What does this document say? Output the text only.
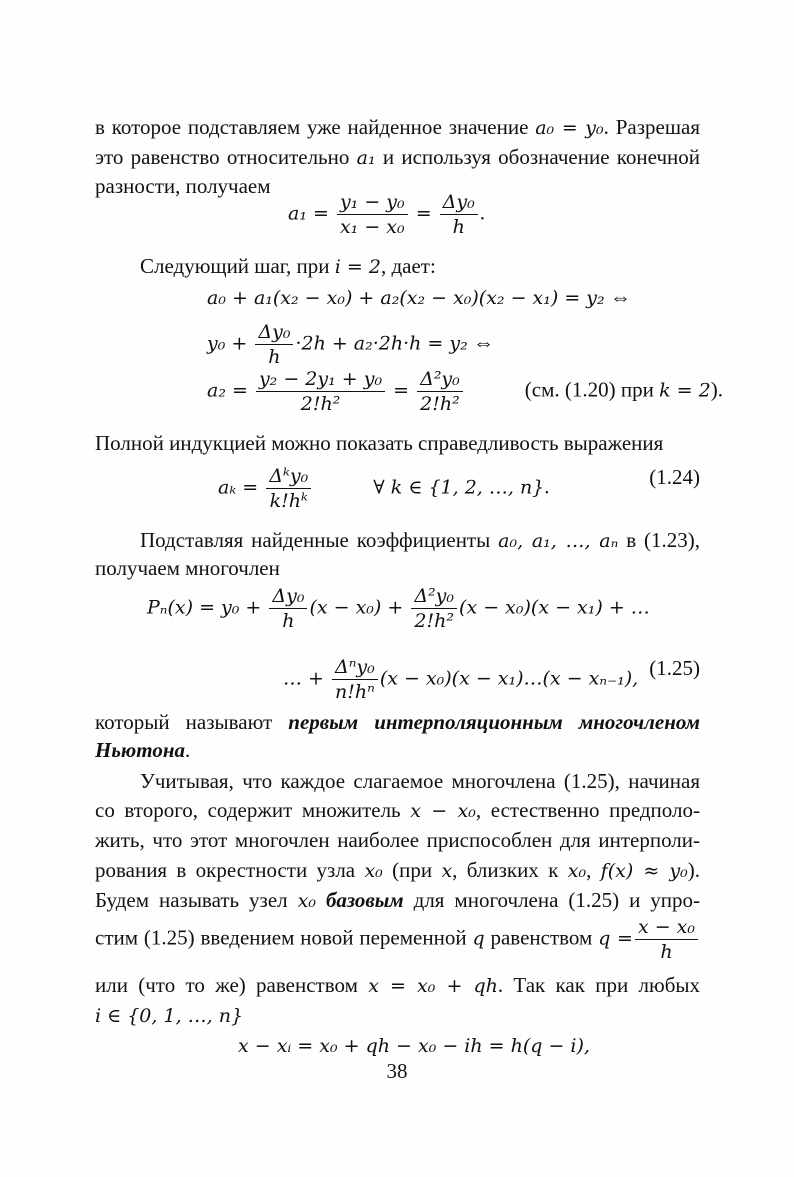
38
в которое подставляем уже найденное значение a₀ = y₀. Разрешая
это равенство относительно a₁ и используя обозначение конечной
разности, получаем
$a_1 = \frac{\text{y₁ − y₀}}{\text{x₁ − x₀}} = \frac{\text{Δy₀}}{h}$ .
Следующий шаг, при i = 2, дает:
a₀ + a₁(x₂ − x₀) + a₂(x₂ − x₀)(x₂ − x₁) = y₂ ⇔
$y_0 + \frac{\text{Δy₀}}{h} \cdot 2h + a_2\cdot 2h\cdot h = y_2$ ⇔
$a_2 = \frac{\text{y₂ − 2y₁ + y₀}}{\text{2!h²}} = \frac{\text{Δ²y₀}}{\text{2!h²}}$	(см. (1.20) при k = 2).
Полной индукцией можно показать справедливость выражения
$a_k = \frac{\text{Δᵏy₀}}{\text{k!hᵏ}}$	∀ k ∈ {1, 2, …, n}.	(1.24)
Подставляя найденные коэффициенты a₀, a₁, …, aₙ в (1.23),
получаем многочлен
$P_n(x) = y_0 + \frac{\text{Δy₀}}{h} (x - x_0) + \frac{\text{Δ²y₀}}{\text{2!h²}} (x - x_0)(x - x_1)$ + …
… + $\frac{\text{Δⁿy₀}}{\text{n!hⁿ}} (x - x_0)(x$ − x₁)…(x − xₙ₋₁), (1.25)
который называют первым интерполяционным многочленом
Ньютона.
Учитывая, что каждое слагаемое многочлена (1.25), начиная
со второго, содержит множитель x − x₀, естественно предполо-
жить, что этот многочлен наиболее приспособлен для интерполи-
рования в окрестности узла x₀ (при x, близких к x₀, f(x) ≈ y₀).
Будем называть узел x₀ базовым для многочлена (1.25) и упро-
стим (1.25) введением новой переменной q равенством $q = \frac{\text{x − x₀}}{h}$
или (что то же) равенством x = x₀ + qh. Так как при любых
i ∈ {0, 1, …, n}
x − xᵢ = x₀ + qh − x₀ − ih = h(q − i),
